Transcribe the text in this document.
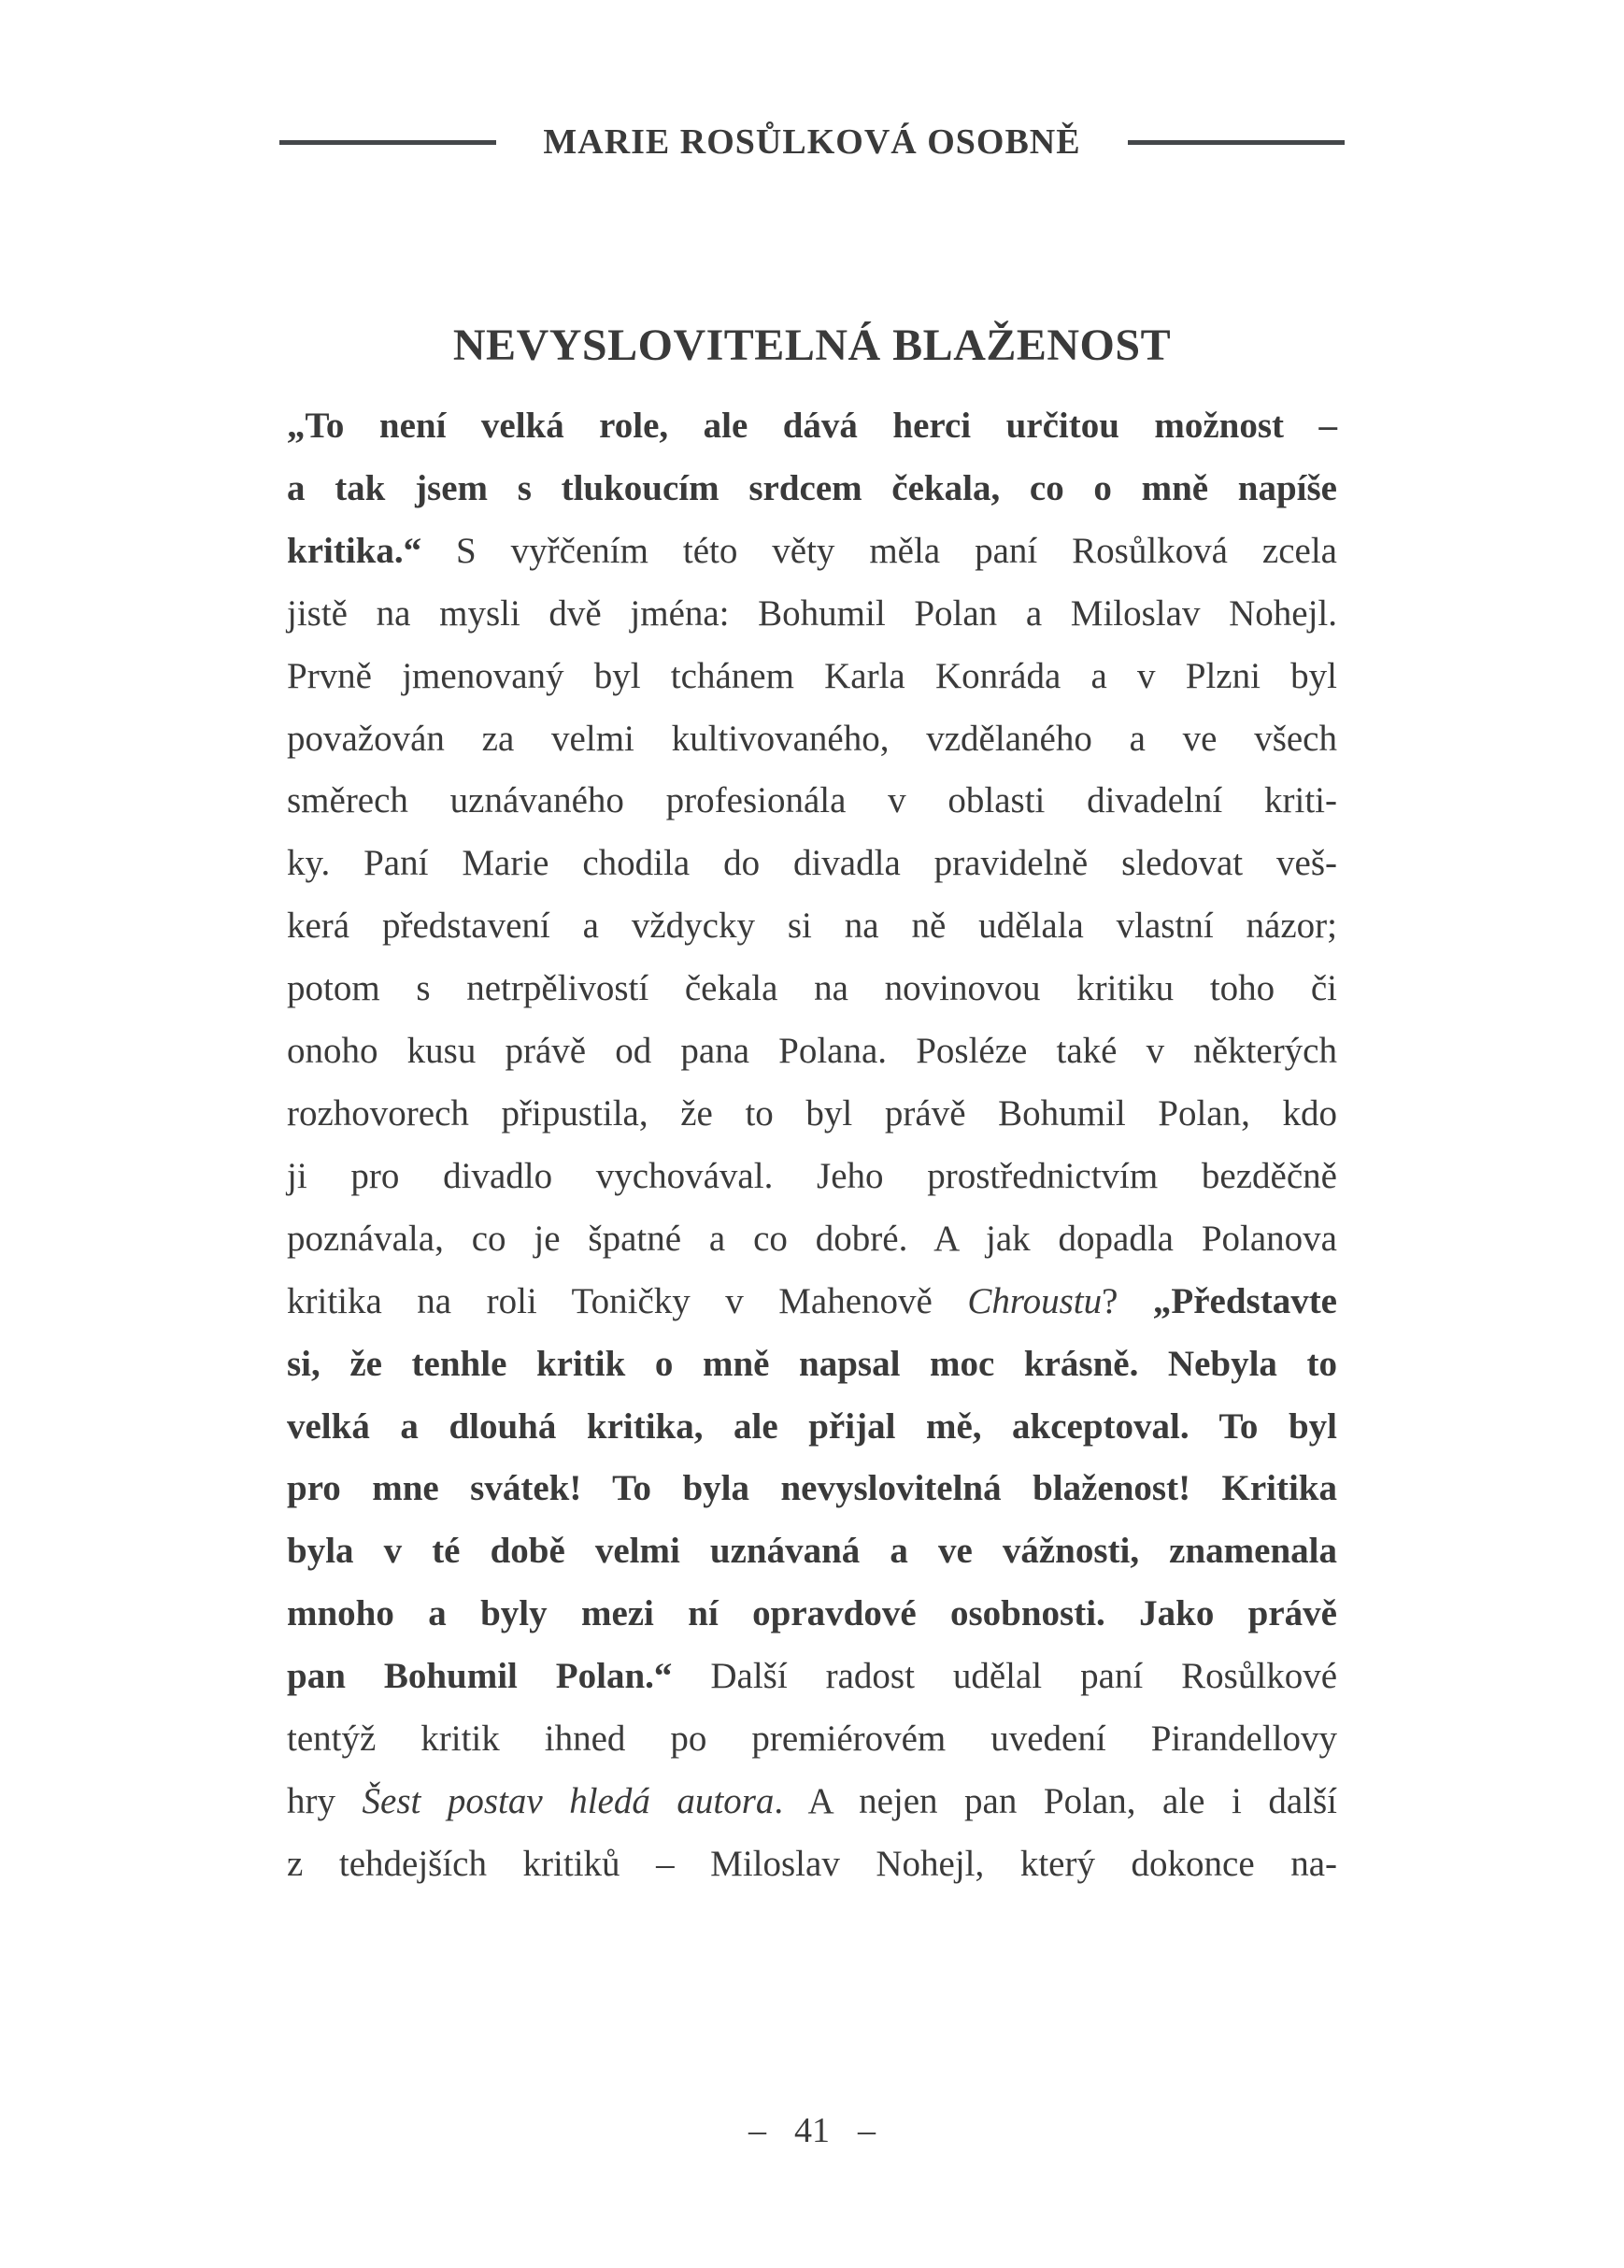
MARIE ROSŮLKOVÁ OSOBNĚ
NEVYSLOVITELNÁ BLAŽENOST
„To není velká role, ale dává herci určitou možnost –
a tak jsem s tlukoucím srdcem čekala, co o mně napíše
kritika.“ S vyřčením této věty měla paní Rosůlková zcela
jistě na mysli dvě jména: Bohumil Polan a Miloslav Nohejl.
Prvně jmenovaný byl tchánem Karla Konráda a v Plzni byl
považován za velmi kultivovaného, vzdělaného a ve všech
směrech uznávaného profesionála v oblasti divadelní kriti-
ky. Paní Marie chodila do divadla pravidelně sledovat veš-
kerá představení a vždycky si na ně udělala vlastní názor;
potom s netrpělivostí čekala na novinovou kritiku toho či
onoho kusu právě od pana Polana. Posléze také v některých
rozhovorech připustila, že to byl právě Bohumil Polan, kdo
ji pro divadlo vychovával. Jeho prostřednictvím bezděčně
poznávala, co je špatné a co dobré. A jak dopadla Polanova
kritika na roli Toničky v Mahenově Chroustu? „Představte
si, že tenhle kritik o mně napsal moc krásně. Nebyla to
velká a dlouhá kritika, ale přijal mě, akceptoval. To byl
pro mne svátek! To byla nevyslovitelná blaženost! Kritika
byla v té době velmi uznávaná a ve vážnosti, znamenala
mnoho a byly mezi ní opravdové osobnosti. Jako právě
pan Bohumil Polan.“ Další radost udělal paní Rosůlkové
tentýž kritik ihned po premiérovém uvedení Pirandellovy
hry Šest postav hledá autora. A nejen pan Polan, ale i další
z tehdejších kritiků – Miloslav Nohejl, který dokonce na-
– 41 –
